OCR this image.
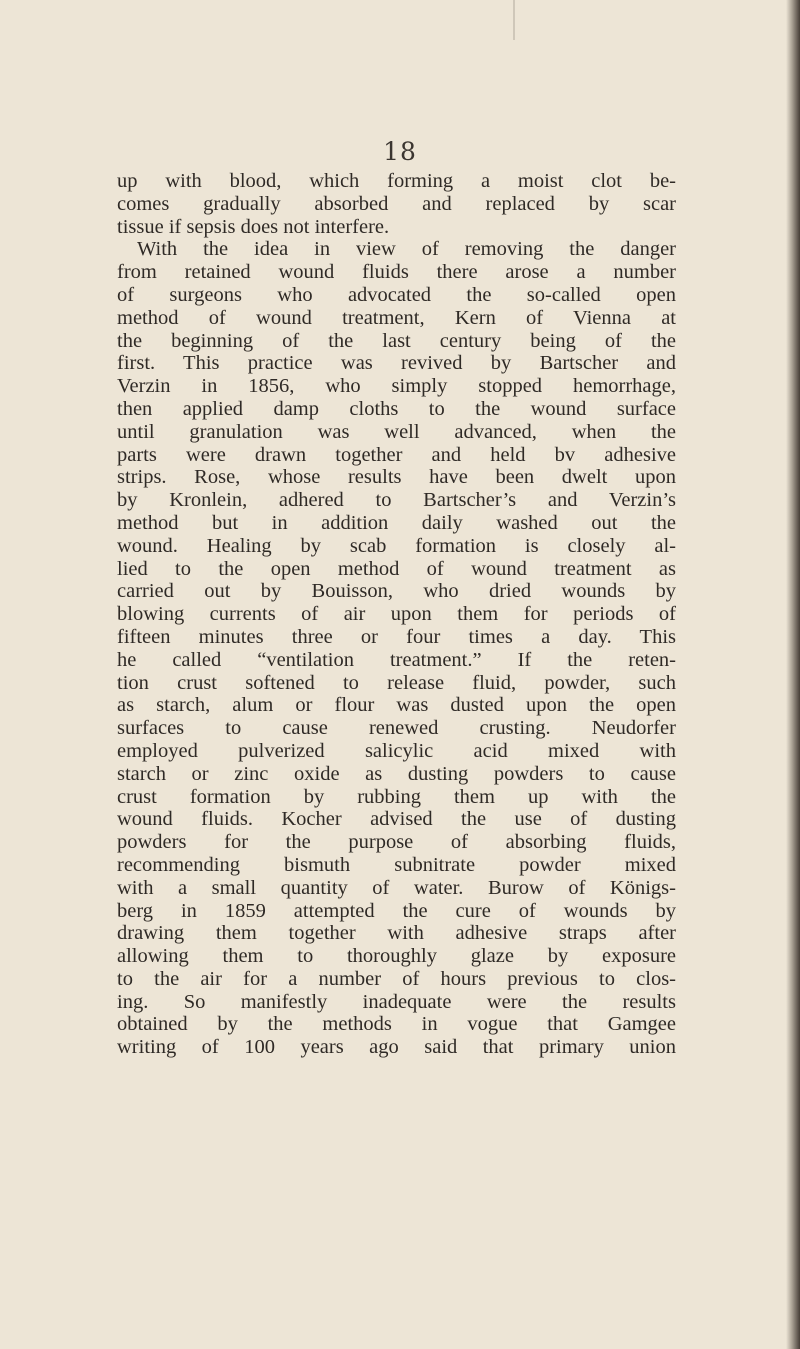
18
up with blood, which forming a moist clot be-
comes gradually absorbed and replaced by scar
tissue if sepsis does not interfere.
With the idea in view of removing the danger
from retained wound fluids there arose a number
of surgeons who advocated the so-called open
method of wound treatment, Kern of Vienna at
the beginning of the last century being of the
first. This practice was revived by Bartscher and
Verzin in 1856, who simply stopped hemorrhage,
then applied damp cloths to the wound surface
until granulation was well advanced, when the
parts were drawn together and held bv adhesive
strips. Rose, whose results have been dwelt upon
by Kronlein, adhered to Bartscher’s and Verzin’s
method but in addition daily washed out the
wound. Healing by scab formation is closely al-
lied to the open method of wound treatment as
carried out by Bouisson, who dried wounds by
blowing currents of air upon them for periods of
fifteen minutes three or four times a day. This
he called “ventilation treatment.” If the reten-
tion crust softened to release fluid, powder, such
as starch, alum or flour was dusted upon the open
surfaces to cause renewed crusting. Neudorfer
employed pulverized salicylic acid mixed with
starch or zinc oxide as dusting powders to cause
crust formation by rubbing them up with the
wound fluids. Kocher advised the use of dusting
powders for the purpose of absorbing fluids,
recommending bismuth subnitrate powder mixed
with a small quantity of water. Burow of Königs-
berg in 1859 attempted the cure of wounds by
drawing them together with adhesive straps after
allowing them to thoroughly glaze by exposure
to the air for a number of hours previous to clos-
ing. So manifestly inadequate were the results
obtained by the methods in vogue that Gamgee
writing of 100 years ago said that primary union
